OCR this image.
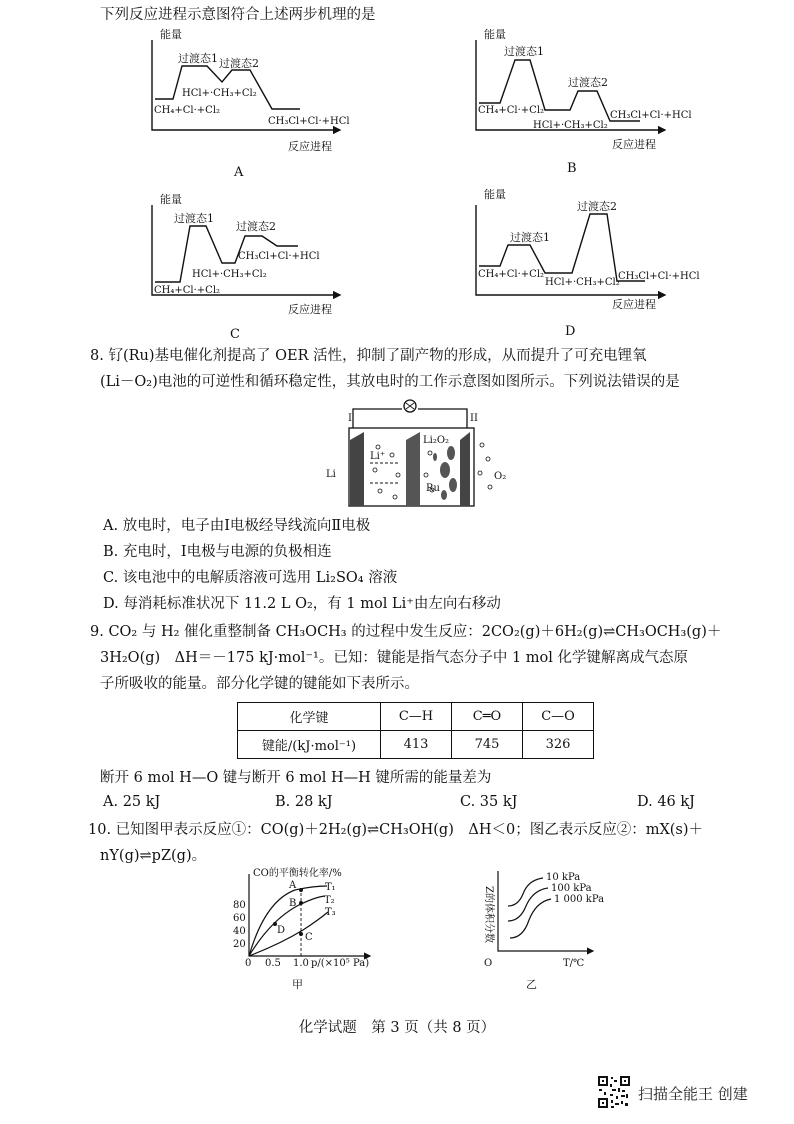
下列反应进程示意图符合上述两步机理的是
能量
过渡态1 过渡态2
HCl+·CH₃+Cl₂
CH₄+Cl·+Cl₂
CH₃Cl+Cl·+HCl
反应进程
A
能量
过渡态1
过渡态2
CH₄+Cl·+Cl₂
HCl+·CH₃+Cl₂
CH₃Cl+Cl·+HCl
反应进程
B
能量
过渡态1
过渡态2
CH₃Cl+Cl·+HCl
HCl+·CH₃+Cl₂
CH₄+Cl·+Cl₂
反应进程
C
能量
过渡态2
过渡态1
CH₄+Cl·+Cl₂
HCl+·CH₃+Cl₂
CH₃Cl+Cl·+HCl
反应进程
D
8. 钌(Ru)基电催化剂提高了 OER 活性，抑制了副产物的形成，从而提升了可充电锂氧
(Li－O₂)电池的可逆性和循环稳定性，其放电时的工作示意图如图所示。下列说法错误的是
I	II
Li
Li⁺
Li₂O₂
Ru
O₂
A. 放电时，电子由Ⅰ电极经导线流向Ⅱ电极
B. 充电时，Ⅰ电极与电源的负极相连
C. 该电池中的电解质溶液可选用 Li₂SO₄ 溶液
D. 每消耗标准状况下 11.2 L O₂，有 1 mol Li⁺由左向右移动
9. CO₂ 与 H₂ 催化重整制备 CH₃OCH₃ 的过程中发生反应：2CO₂(g)＋6H₂(g)⇌CH₃OCH₃(g)＋
3H₂O(g)　ΔH＝－175 kJ·mol⁻¹。已知：键能是指气态分子中 1 mol 化学键解离成气态原
子所吸收的能量。部分化学键的键能如下表所示。
化学键	C—H	C═O	C—O
键能/(kJ·mol⁻¹)	413	745	326
断开 6 mol H—O 键与断开 6 mol H—H 键所需的能量差为
A. 25 kJ	B. 28 kJ	C. 35 kJ	D. 46 kJ
10. 已知图甲表示反应①：CO(g)＋2H₂(g)⇌CH₃OH(g)　ΔH＜0；图乙表示反应②：mX(s)＋
nY(g)⇌pZ(g)。
CO的平衡转化率/%
80
60
40
20
0 0.5 1.0 p/(×10⁵ Pa)
T₁
T₂
T₃
A
B
C
D
甲
Z的体积分数
O	T/℃
10 kPa
100 kPa
1 000 kPa
乙
化学试题　第 3 页（共 8 页）
扫描全能王 创建
